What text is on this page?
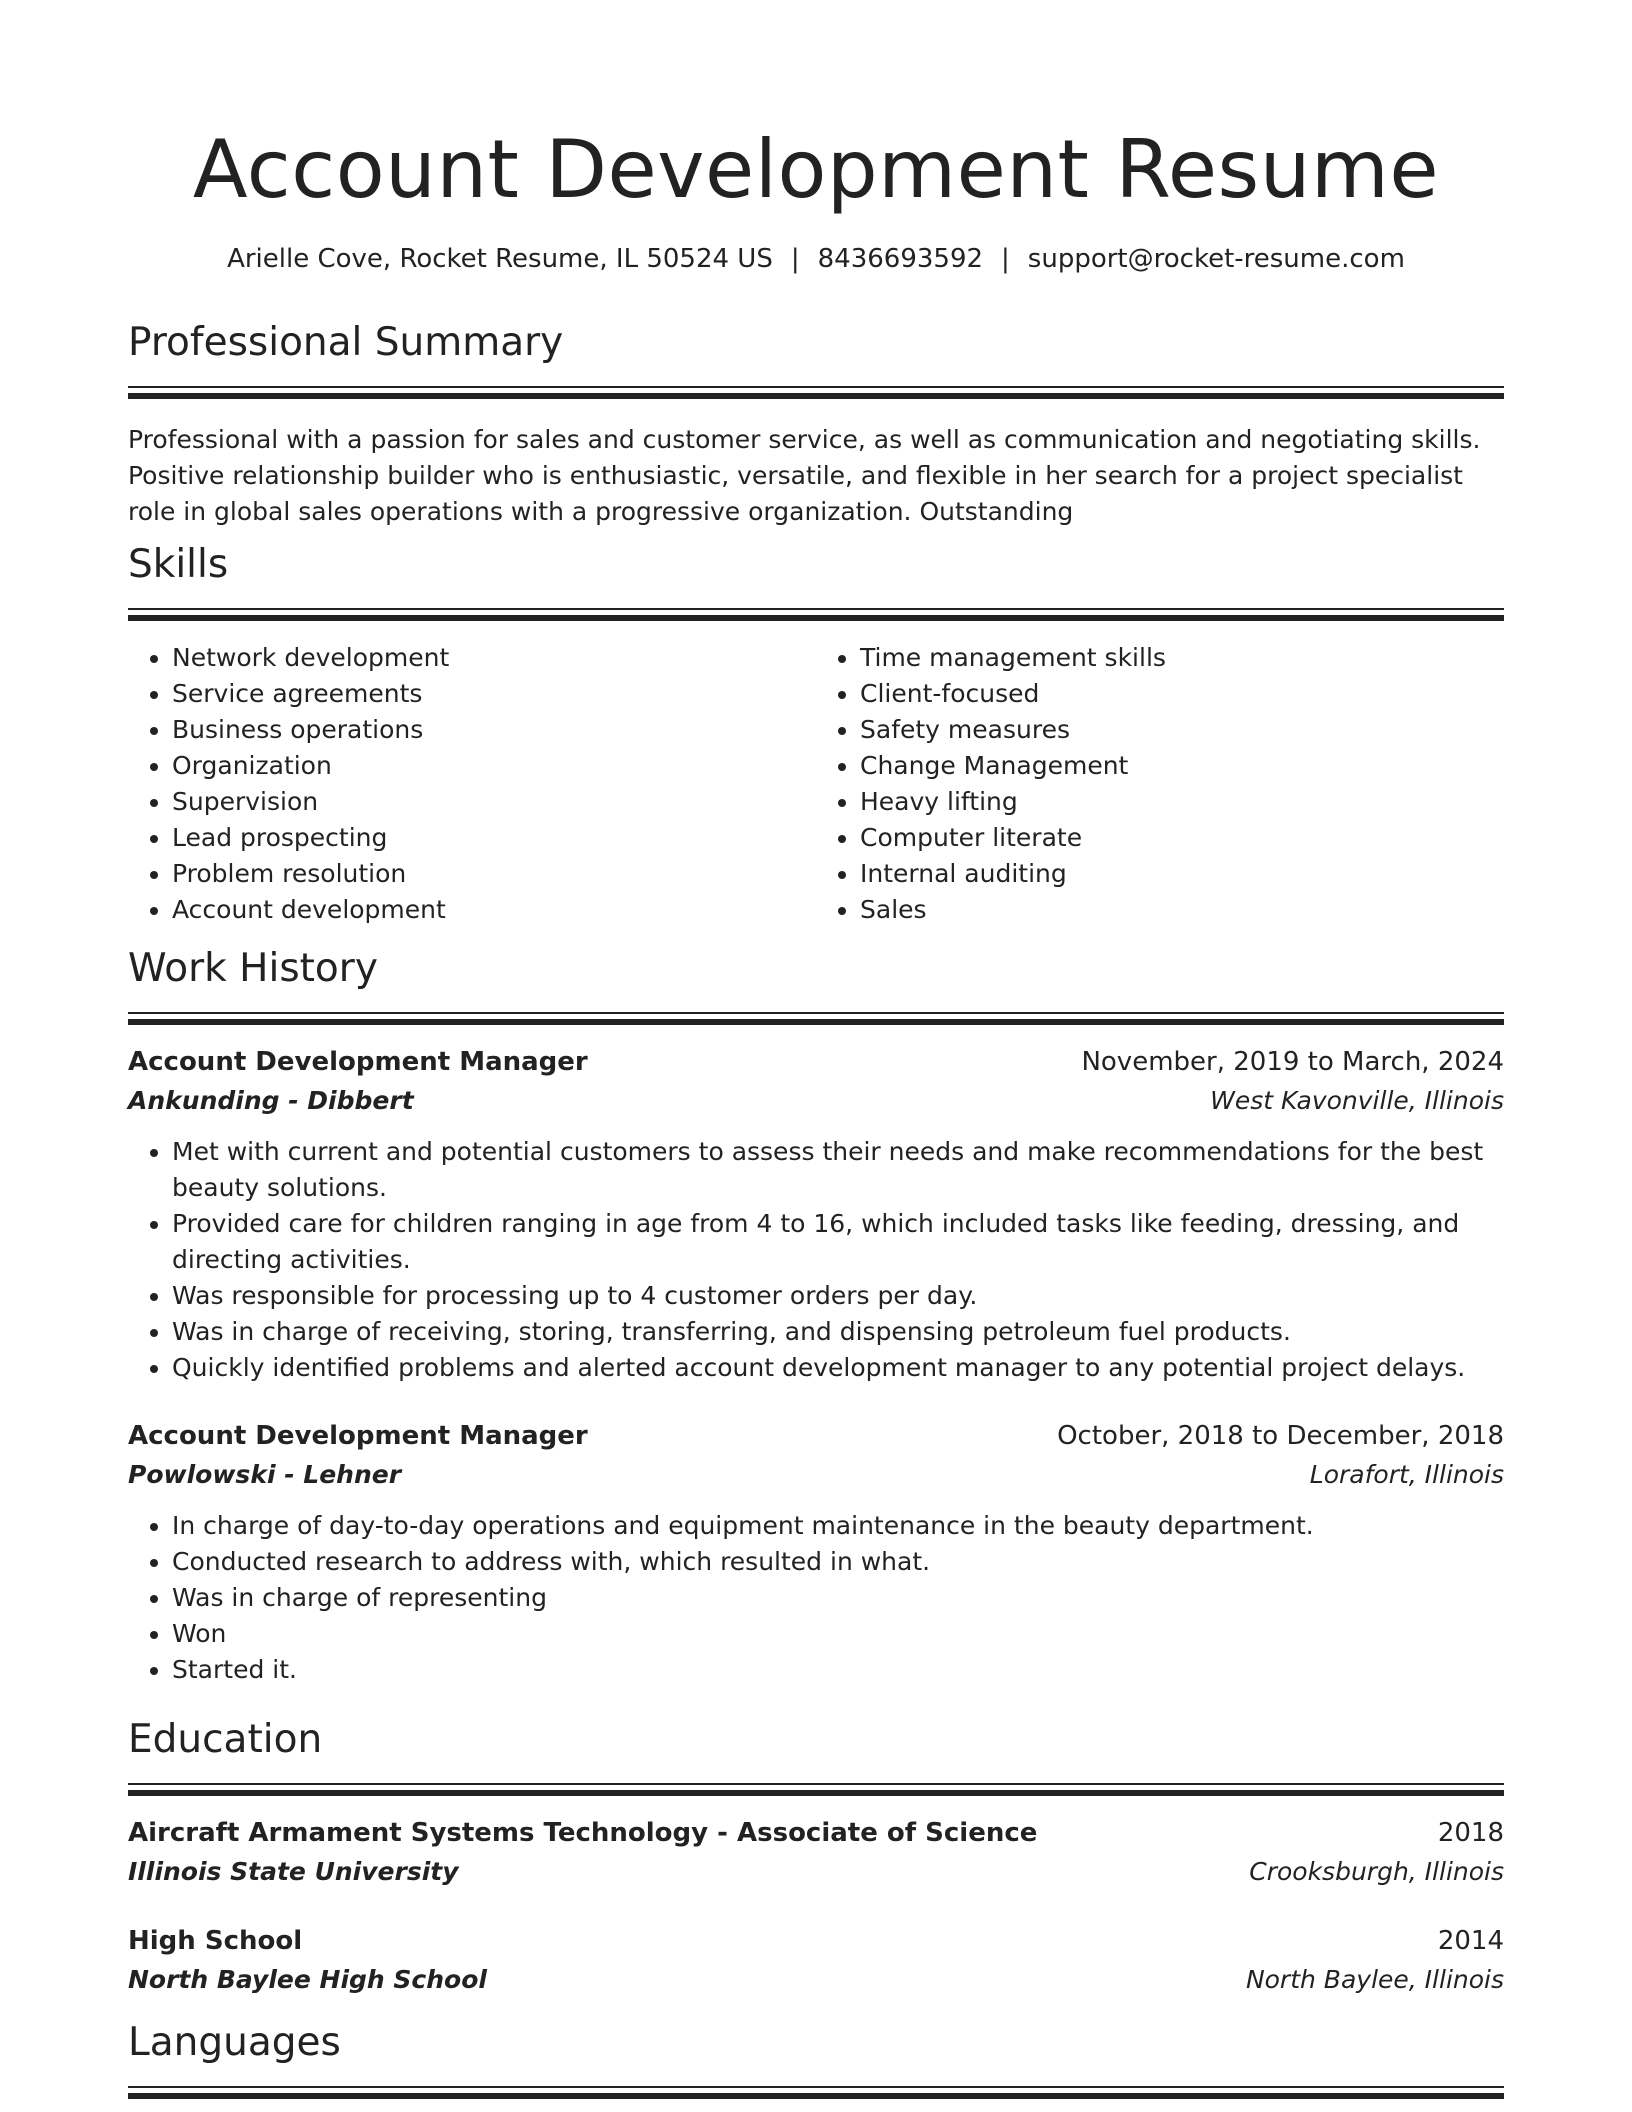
Account Development Resume
Arielle Cove, Rocket Resume, IL 50524 US | 8436693592 | support@rocket-resume.com
Professional Summary

Professional with a passion for sales and customer service, as well as communication and negotiating skills. Positive relationship builder who is enthusiastic, versatile, and flexible in her search for a project specialist role in global sales operations with a progressive organization. Outstanding

Skills
• Network development
• Service agreements
• Business operations
• Organization
• Supervision
• Lead prospecting
• Problem resolution
• Account development
• Time management skills
• Client-focused
• Safety measures
• Change Management
• Heavy lifting
• Computer literate
• Internal auditing
• Sales
Work History
Account Development Manager	November, 2019 to March, 2024
Ankunding - Dibbert	West Kavonville, Illinois
• Met with current and potential customers to assess their needs and make recommendations for the best beauty solutions.
• Provided care for children ranging in age from 4 to 16, which included tasks like feeding, dressing, and directing activities.
• Was responsible for processing up to 4 customer orders per day.
• Was in charge of receiving, storing, transferring, and dispensing petroleum fuel products.
• Quickly identified problems and alerted account development manager to any potential project delays.
Account Development Manager	October, 2018 to December, 2018
Powlowski - Lehner	Lorafort, Illinois
• In charge of day-to-day operations and equipment maintenance in the beauty department.
• Conducted research to address with, which resulted in what.
• Was in charge of representing
• Won
• Started it.
Education
Aircraft Armament Systems Technology - Associate of Science	2018
Illinois State University	Crooksburgh, Illinois
High School	2014
North Baylee High School	North Baylee, Illinois
Languages
